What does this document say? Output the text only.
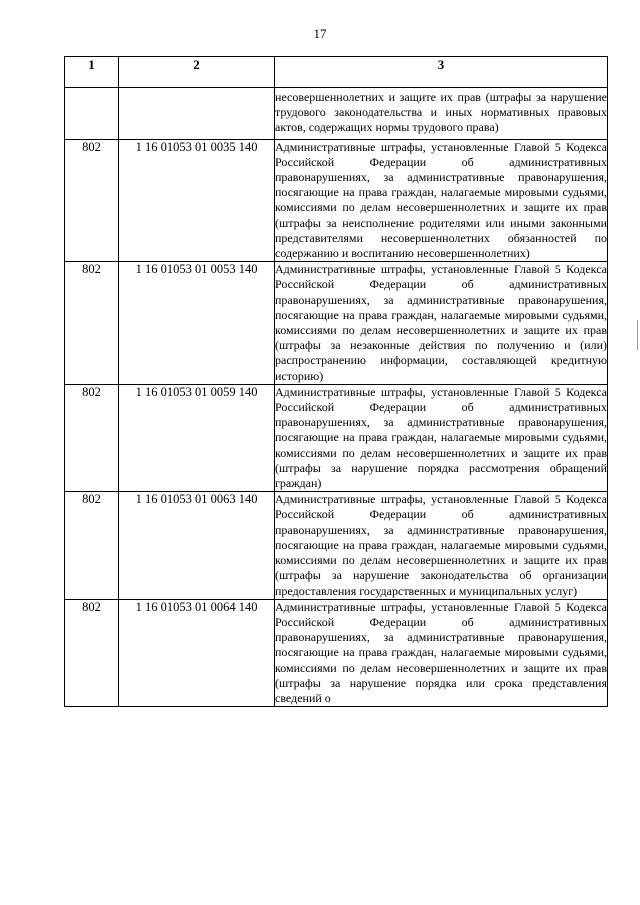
17
1	2	3
		несовершеннолетних и защите их прав (штрафы за нарушение трудового законодательства и иных нормативных правовых актов, содержащих нормы трудового права)
802	1 16 01053 01 0035 140	Административные штрафы, установленные Главой 5 Кодекса Российской Федерации об административных правонарушениях, за административные правонарушения, посягающие на права граждан, налагаемые мировыми судьями, комиссиями по делам несовершеннолетних и защите их прав (штрафы за неисполнение родителями или иными законными представителями несовершеннолетних обязанностей по содержанию и воспитанию несовершеннолетних)
802	1 16 01053 01 0053 140	Административные штрафы, установленные Главой 5 Кодекса Российской Федерации об административных правонарушениях, за административные правонарушения, посягающие на права граждан, налагаемые мировыми судьями, комиссиями по делам несовершеннолетних и защите их прав (штрафы за незаконные действия по получению и (или) распространению информации, составляющей кредитную историю)
802	1 16 01053 01 0059 140	Административные штрафы, установленные Главой 5 Кодекса Российской Федерации об административных правонарушениях, за административные правонарушения, посягающие на права граждан, налагаемые мировыми судьями, комиссиями по делам несовершеннолетних и защите их прав (штрафы за нарушение порядка рассмотрения обращений граждан)
802	1 16 01053 01 0063 140	Административные штрафы, установленные Главой 5 Кодекса Российской Федерации об административных правонарушениях, за административные правонарушения, посягающие на права граждан, налагаемые мировыми судьями, комиссиями по делам несовершеннолетних и защите их прав (штрафы за нарушение законодательства об организации предоставления государственных и муниципальных услуг)
802	1 16 01053 01 0064 140	Административные штрафы, установленные Главой 5 Кодекса Российской Федерации об административных правонарушениях, за административные правонарушения, посягающие на права граждан, налагаемые мировыми судьями, комиссиями по делам несовершеннолетних и защите их прав (штрафы за нарушение порядка или срока представления сведений о
